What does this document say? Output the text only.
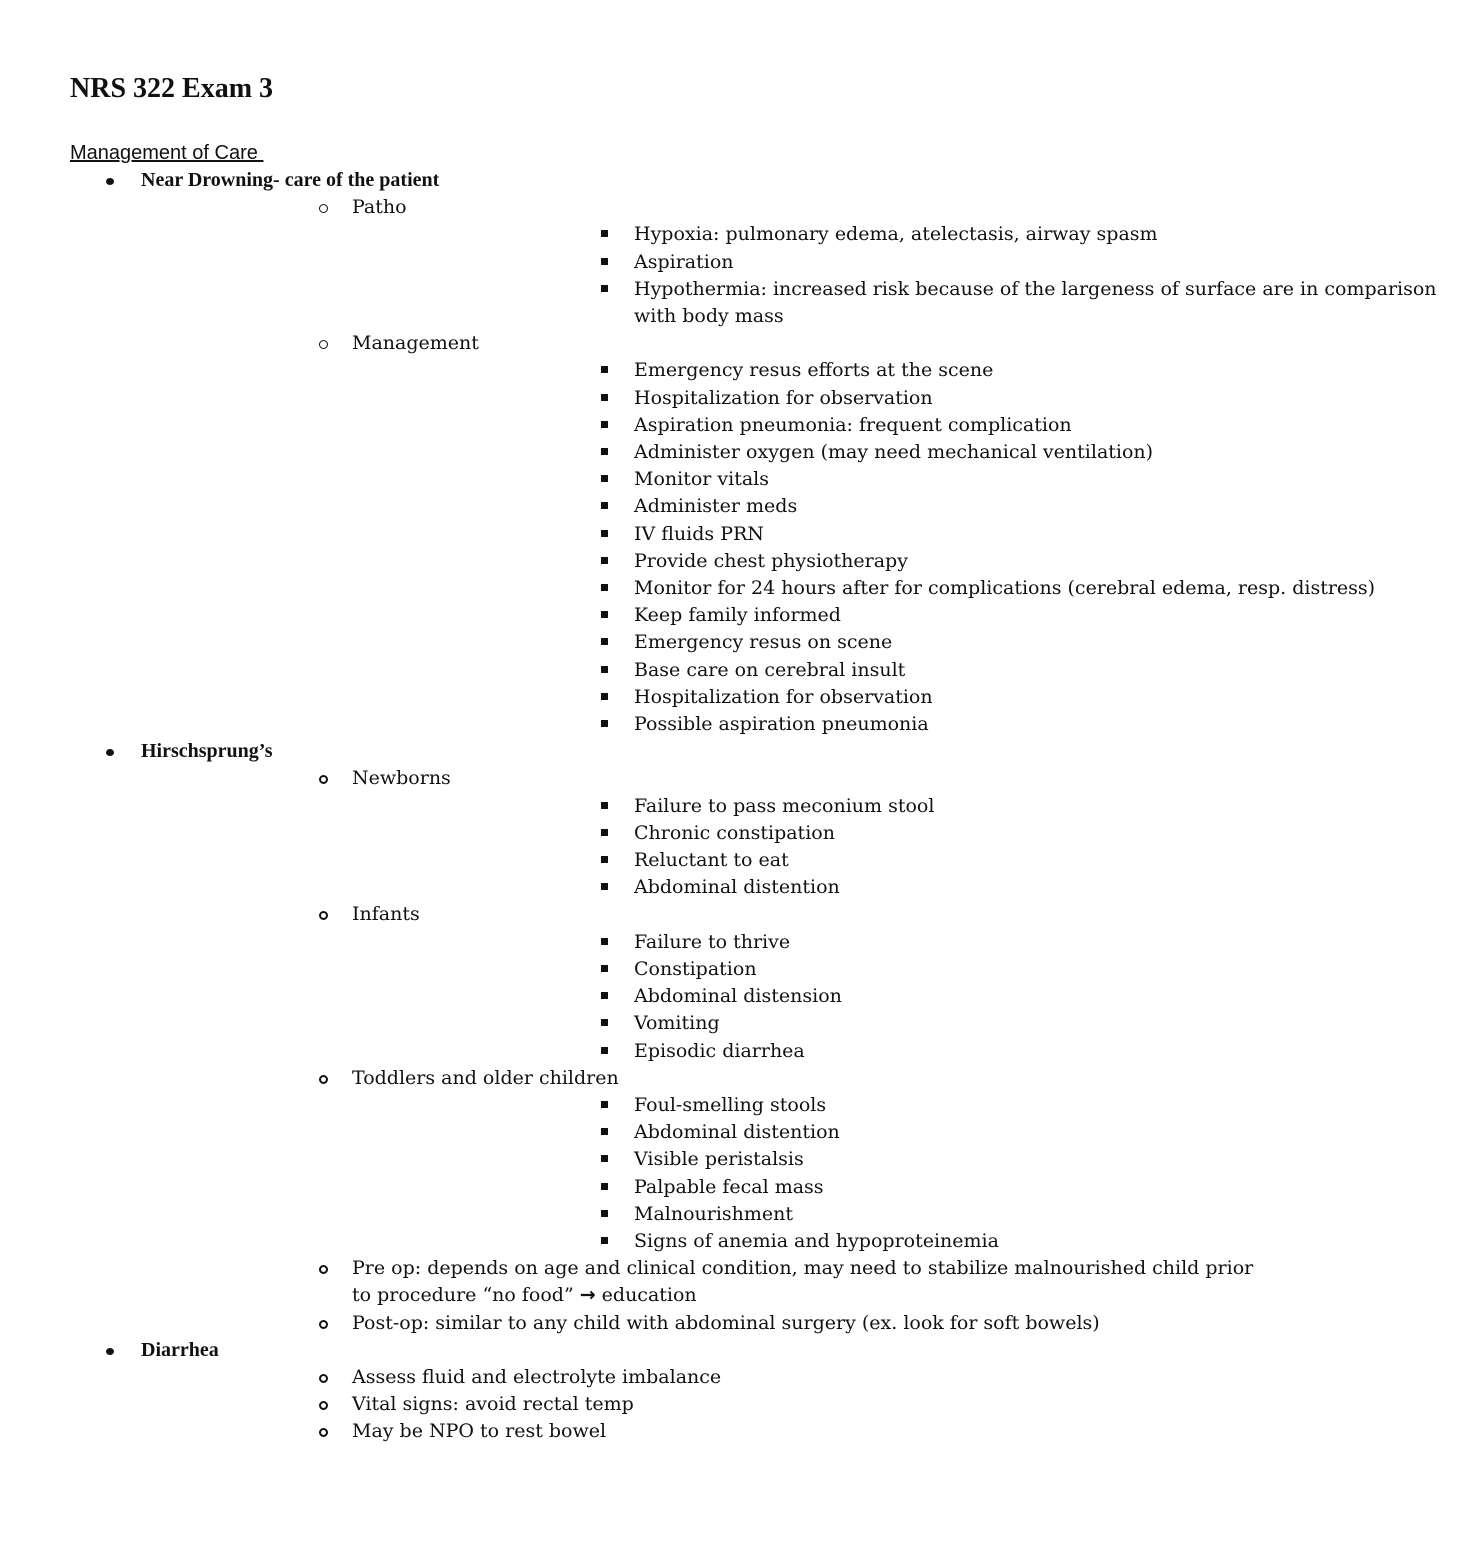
NRS 322 Exam 3
Management of Care
Near Drowning- care of the patient
Patho
Hypoxia: pulmonary edema, atelectasis, airway spasm
Aspiration
Hypothermia: increased risk because of the largeness of surface are in comparison with body mass
Management
Emergency resus efforts at the scene
Hospitalization for observation
Aspiration pneumonia: frequent complication
Administer oxygen (may need mechanical ventilation)
Monitor vitals
Administer meds
IV fluids PRN
Provide chest physiotherapy
Monitor for 24 hours after for complications (cerebral edema, resp. distress)
Keep family informed
Emergency resus on scene
Base care on cerebral insult
Hospitalization for observation
Possible aspiration pneumonia
Hirschsprung’s
Newborns
Failure to pass meconium stool
Chronic constipation
Reluctant to eat
Abdominal distention
Infants
Failure to thrive
Constipation
Abdominal distension
Vomiting
Episodic diarrhea
Toddlers and older children
Foul-smelling stools
Abdominal distention
Visible peristalsis
Palpable fecal mass
Malnourishment
Signs of anemia and hypoproteinemia
Pre op: depends on age and clinical condition, may need to stabilize malnourished child prior to procedure “no food” → education
Post-op: similar to any child with abdominal surgery (ex. look for soft bowels)
Diarrhea
Assess fluid and electrolyte imbalance
Vital signs: avoid rectal temp
May be NPO to rest bowel
